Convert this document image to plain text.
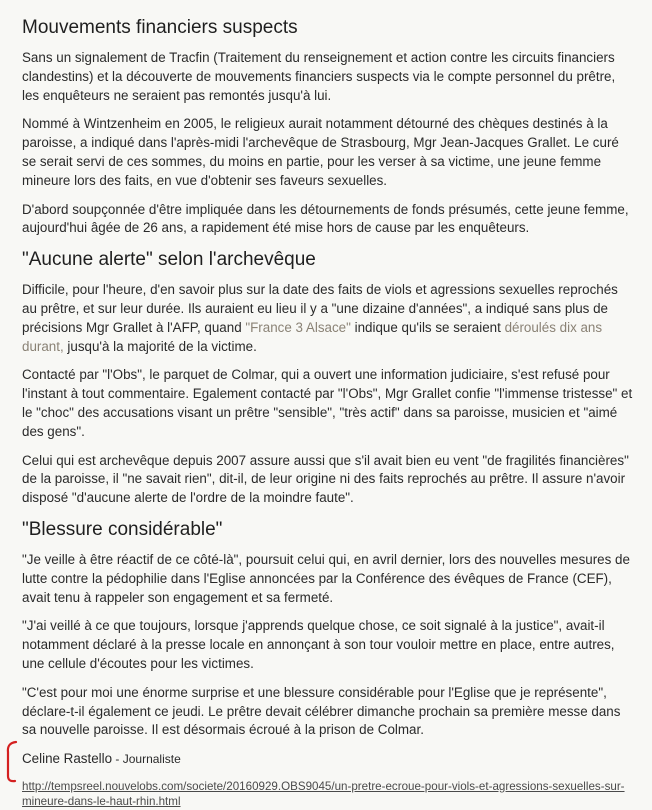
Mouvements financiers suspects

Sans un signalement de Tracfin (Traitement du renseignement et action contre les circuits financiers clandestins) et la découverte de mouvements financiers suspects via le compte personnel du prêtre, les enquêteurs ne seraient pas remontés jusqu'à lui.

Nommé à Wintzenheim en 2005, le religieux aurait notamment détourné des chèques destinés à la paroisse, a indiqué dans l'après-midi l'archevêque de Strasbourg, Mgr Jean-Jacques Grallet. Le curé se serait servi de ces sommes, du moins en partie, pour les verser à sa victime, une jeune femme mineure lors des faits, en vue d'obtenir ses faveurs sexuelles.

D'abord soupçonnée d'être impliquée dans les détournements de fonds présumés, cette jeune femme, aujourd'hui âgée de 26 ans, a rapidement été mise hors de cause par les enquêteurs.

"Aucune alerte" selon l'archevêque

Difficile, pour l'heure, d'en savoir plus sur la date des faits de viols et agressions sexuelles reprochés au prêtre, et sur leur durée. Ils auraient eu lieu il y a "une dizaine d'années", a indiqué sans plus de précisions Mgr Grallet à l'AFP, quand "France 3 Alsace" indique qu'ils se seraient déroulés dix ans durant, jusqu'à la majorité de la victime.

Contacté par "l'Obs", le parquet de Colmar, qui a ouvert une information judiciaire, s'est refusé pour l'instant à tout commentaire. Egalement contacté par "l'Obs", Mgr Grallet confie "l'immense tristesse" et le "choc" des accusations visant un prêtre "sensible", "très actif" dans sa paroisse, musicien et "aimé des gens".

Celui qui est archevêque depuis 2007 assure aussi que s'il avait bien eu vent "de fragilités financières" de la paroisse, il "ne savait rien", dit-il, de leur origine ni des faits reprochés au prêtre. Il assure n'avoir disposé "d'aucune alerte de l'ordre de la moindre faute".

"Blessure considérable"

"Je veille à être réactif de ce côté-là", poursuit celui qui, en avril dernier, lors des nouvelles mesures de lutte contre la pédophilie dans l'Eglise annoncées par la Conférence des évêques de France (CEF), avait tenu à rappeler son engagement et sa fermeté.

"J'ai veillé à ce que toujours, lorsque j'apprends quelque chose, ce soit signalé à la justice", avait-il notamment déclaré à la presse locale en annonçant à son tour vouloir mettre en place, entre autres, une cellule d'écoutes pour les victimes.

"C'est pour moi une énorme surprise et une blessure considérable pour l'Eglise que je représente", déclare-t-il également ce jeudi. Le prêtre devait célébrer dimanche prochain sa première messe dans sa nouvelle paroisse. Il est désormais écroué à la prison de Colmar.

Celine Rastello - Journaliste

http://tempsreel.nouvelobs.com/societe/20160929.OBS9045/un-pretre-ecroue-pour-viols-et-agressions-sexuelles-sur-mineure-dans-le-haut-rhin.html
